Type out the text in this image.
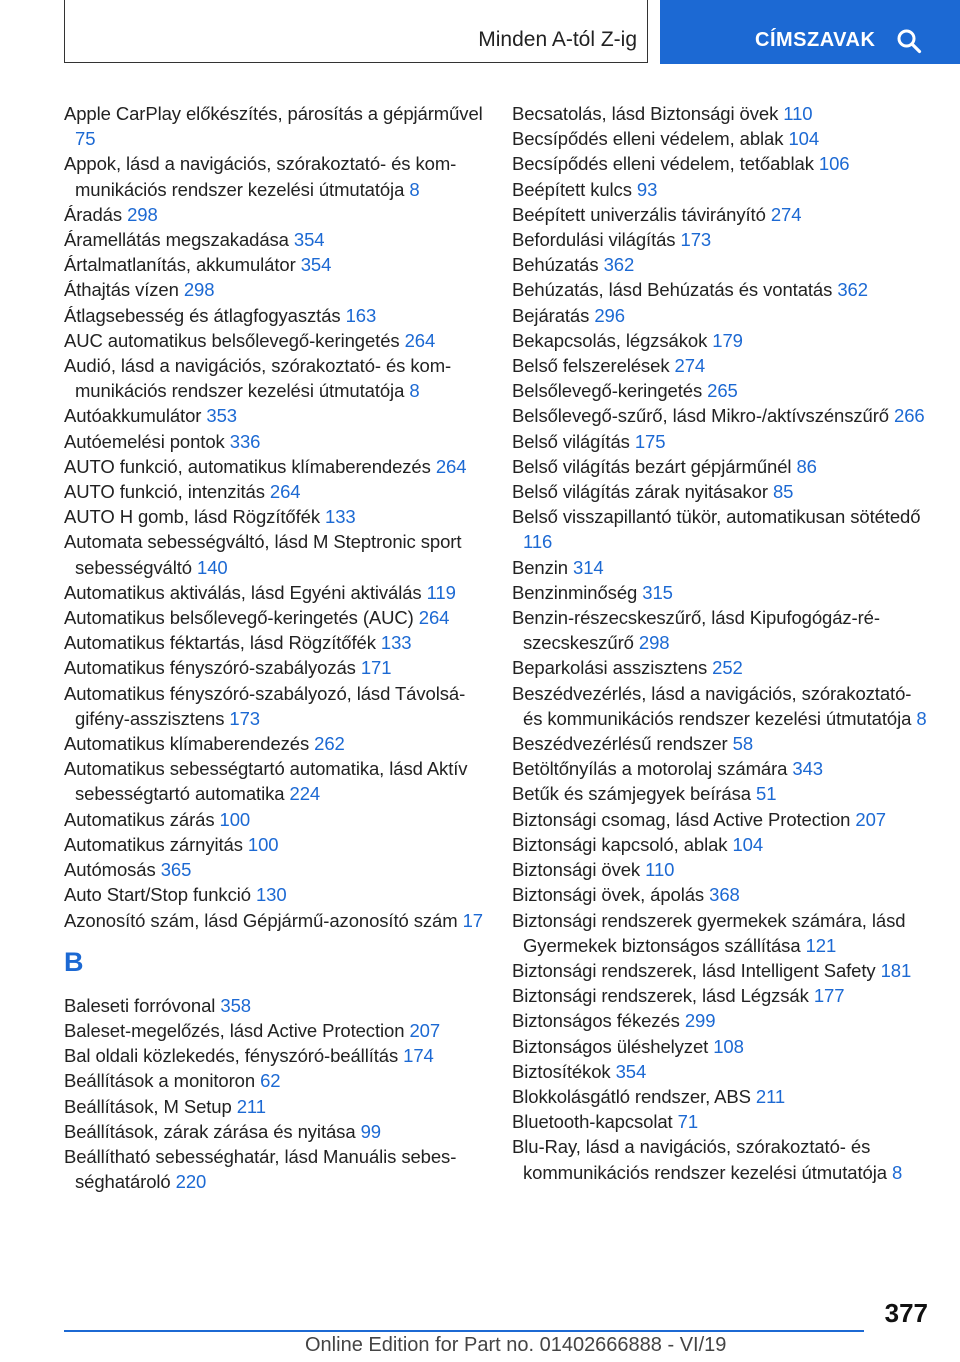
Minden A-tól Z-ig	CÍMSZAVAK
Apple CarPlay előkészítés, párosítás a gépjárművel 75
Appok, lásd a navigációs, szórakoztató- és kommunikációs rendszer kezelési útmutatója 8
Áradás 298
Áramellátás megszakadása 354
Ártalmatlanítás, akkumulátor 354
Áthajtás vízen 298
Átlagsebesség és átlagfogyasztás 163
AUC automatikus belsőlevegő-keringetés 264
Audió, lásd a navigációs, szórakoztató- és kommunikációs rendszer kezelési útmutatója 8
Autóakkumulátor 353
Autóemelési pontok 336
AUTO funkció, automatikus klímaberendezés 264
AUTO funkció, intenzitás 264
AUTO H gomb, lásd Rögzítőfék 133
Automata sebességváltó, lásd M Steptronic sport sebességváltó 140
Automatikus aktiválás, lásd Egyéni aktiválás 119
Automatikus belsőlevegő-keringetés (AUC) 264
Automatikus féktartás, lásd Rögzítőfék 133
Automatikus fényszóró-szabályozás 171
Automatikus fényszóró-szabályozó, lásd Távolságifény-asszisztens 173
Automatikus klímaberendezés 262
Automatikus sebességtartó automatika, lásd Aktív sebességtartó automatika 224
Automatikus zárás 100
Automatikus zárnyitás 100
Autómosás 365
Auto Start/Stop funkció 130
Azonosító szám, lásd Gépjármű-azonosító szám 17
B
Baleseti forróvonal 358
Baleset-megelőzés, lásd Active Protection 207
Bal oldali közlekedés, fényszóró-beállítás 174
Beállítások a monitoron 62
Beállítások, M Setup 211
Beállítások, zárak zárása és nyitása 99
Beállítható sebességhatár, lásd Manuális sebességhatároló 220
Becsatolás, lásd Biztonsági övek 110
Becsípődés elleni védelem, ablak 104
Becsípődés elleni védelem, tetőablak 106
Beépített kulcs 93
Beépített univerzális távirányító 274
Befordulási világítás 173
Behúzatás 362
Behúzatás, lásd Behúzatás és vontatás 362
Bejáratás 296
Bekapcsolás, légzsákok 179
Belső felszerelések 274
Belsőlevegő-keringetés 265
Belsőlevegő-szűrő, lásd Mikro-/aktívszénszűrő 266
Belső világítás 175
Belső világítás bezárt gépjárműnél 86
Belső világítás zárak nyitásakor 85
Belső visszapillantó tükör, automatikusan sötétedő 116
Benzin 314
Benzinminőség 315
Benzin-részecskeszűrő, lásd Kipufogógáz-részecskeszűrő 298
Beparkolási asszisztens 252
Beszédvezérlés, lásd a navigációs, szórakoztató- és kommunikációs rendszer kezelési útmutatója 8
Beszédvezérlésű rendszer 58
Betöltőnyílás a motorolaj számára 343
Betűk és számjegyek beírása 51
Biztonsági csomag, lásd Active Protection 207
Biztonsági kapcsoló, ablak 104
Biztonsági övek 110
Biztonsági övek, ápolás 368
Biztonsági rendszerek gyermekek számára, lásd Gyermekek biztonságos szállítása 121
Biztonsági rendszerek, lásd Intelligent Safety 181
Biztonsági rendszerek, lásd Légzsák 177
Biztonságos fékezés 299
Biztonságos üléshelyzet 108
Biztosítékok 354
Blokkolásgátló rendszer, ABS 211
Bluetooth-kapcsolat 71
Blu-Ray, lásd a navigációs, szórakoztató- és kommunikációs rendszer kezelési útmutatója 8
377
Online Edition for Part no. 01402666888 - VI/19
